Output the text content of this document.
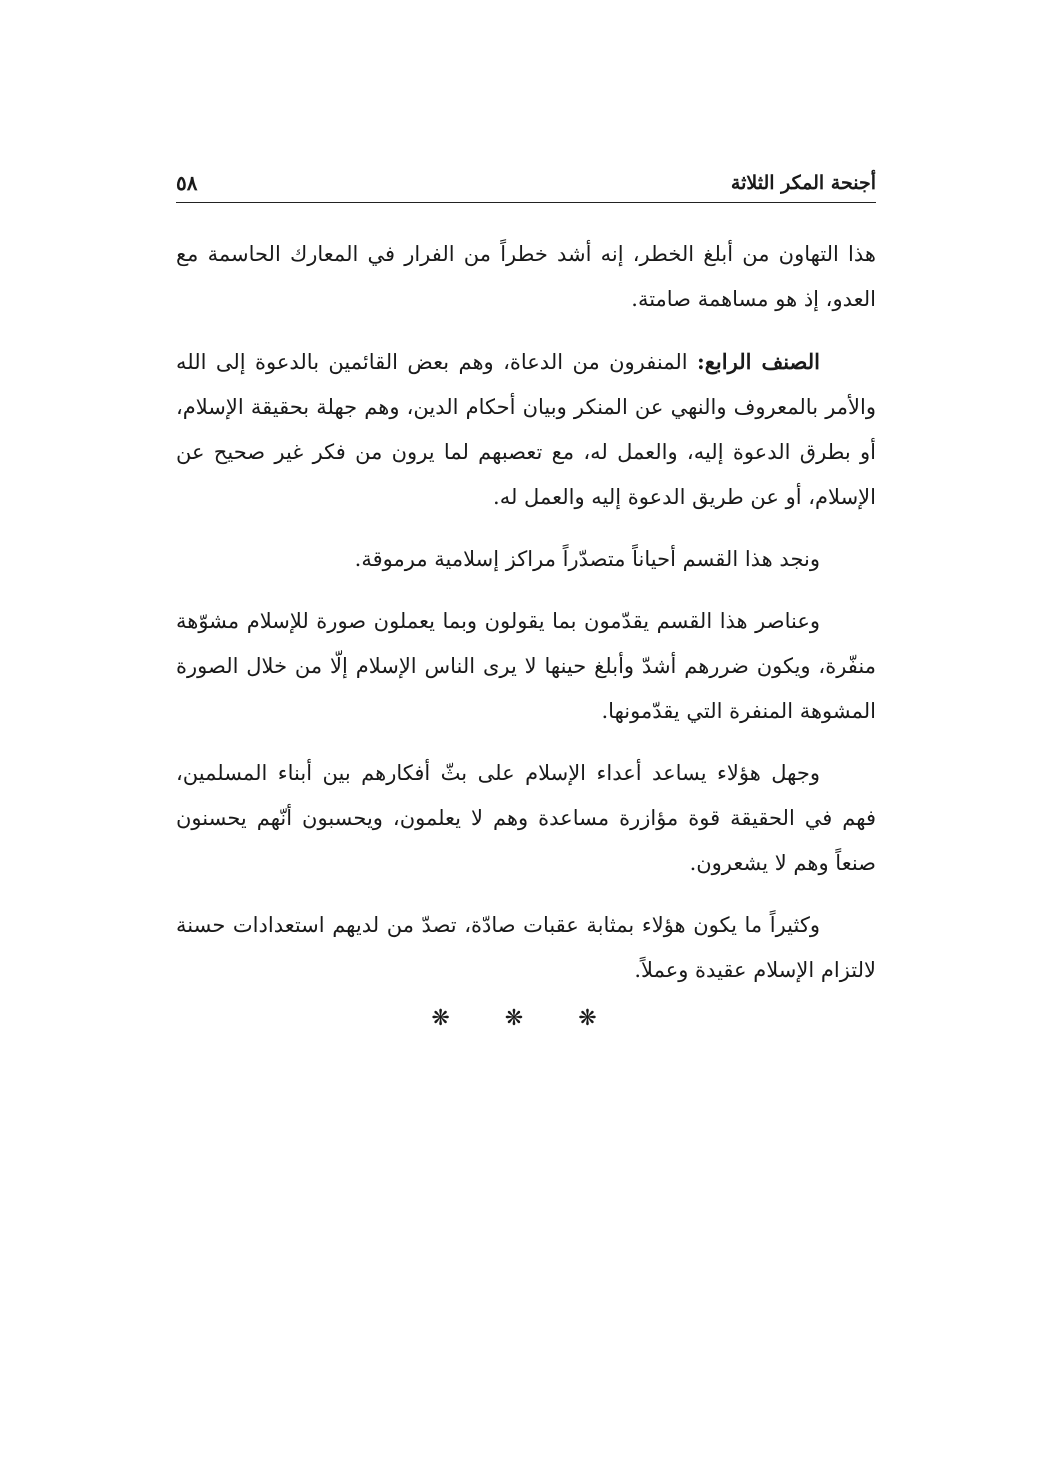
أجنحة المكر الثلاثة
٥٨

هذا التهاون من أبلغ الخطر، إنه أشد خطراً من الفرار في المعارك الحاسمة مع العدو، إذ هو مساهمة صامتة.

الصنف الرابع: المنفرون من الدعاة، وهم بعض القائمين بالدعوة إلى الله والأمر بالمعروف والنهي عن المنكر وبيان أحكام الدين، وهم جهلة بحقيقة الإسلام، أو بطرق الدعوة إليه، والعمل له، مع تعصبهم لما يرون من فكر غير صحيح عن الإسلام، أو عن طريق الدعوة إليه والعمل له.

ونجد هذا القسم أحياناً متصدّراً مراكز إسلامية مرموقة.

وعناصر هذا القسم يقدّمون بما يقولون وبما يعملون صورة للإسلام مشوّهة منفّرة، ويكون ضررهم أشدّ وأبلغ حينها لا يرى الناس الإسلام إلّا من خلال الصورة المشوهة المنفرة التي يقدّمونها.

وجهل هؤلاء يساعد أعداء الإسلام على بثّ أفكارهم بين أبناء المسلمين، فهم في الحقيقة قوة مؤازرة مساعدة وهم لا يعلمون، ويحسبون أنّهم يحسنون صنعاً وهم لا يشعرون.

وكثيراً ما يكون هؤلاء بمثابة عقبات صادّة، تصدّ من لديهم استعدادات حسنة لالتزام الإسلام عقيدة وعملاً.

❋ ❋ ❋
